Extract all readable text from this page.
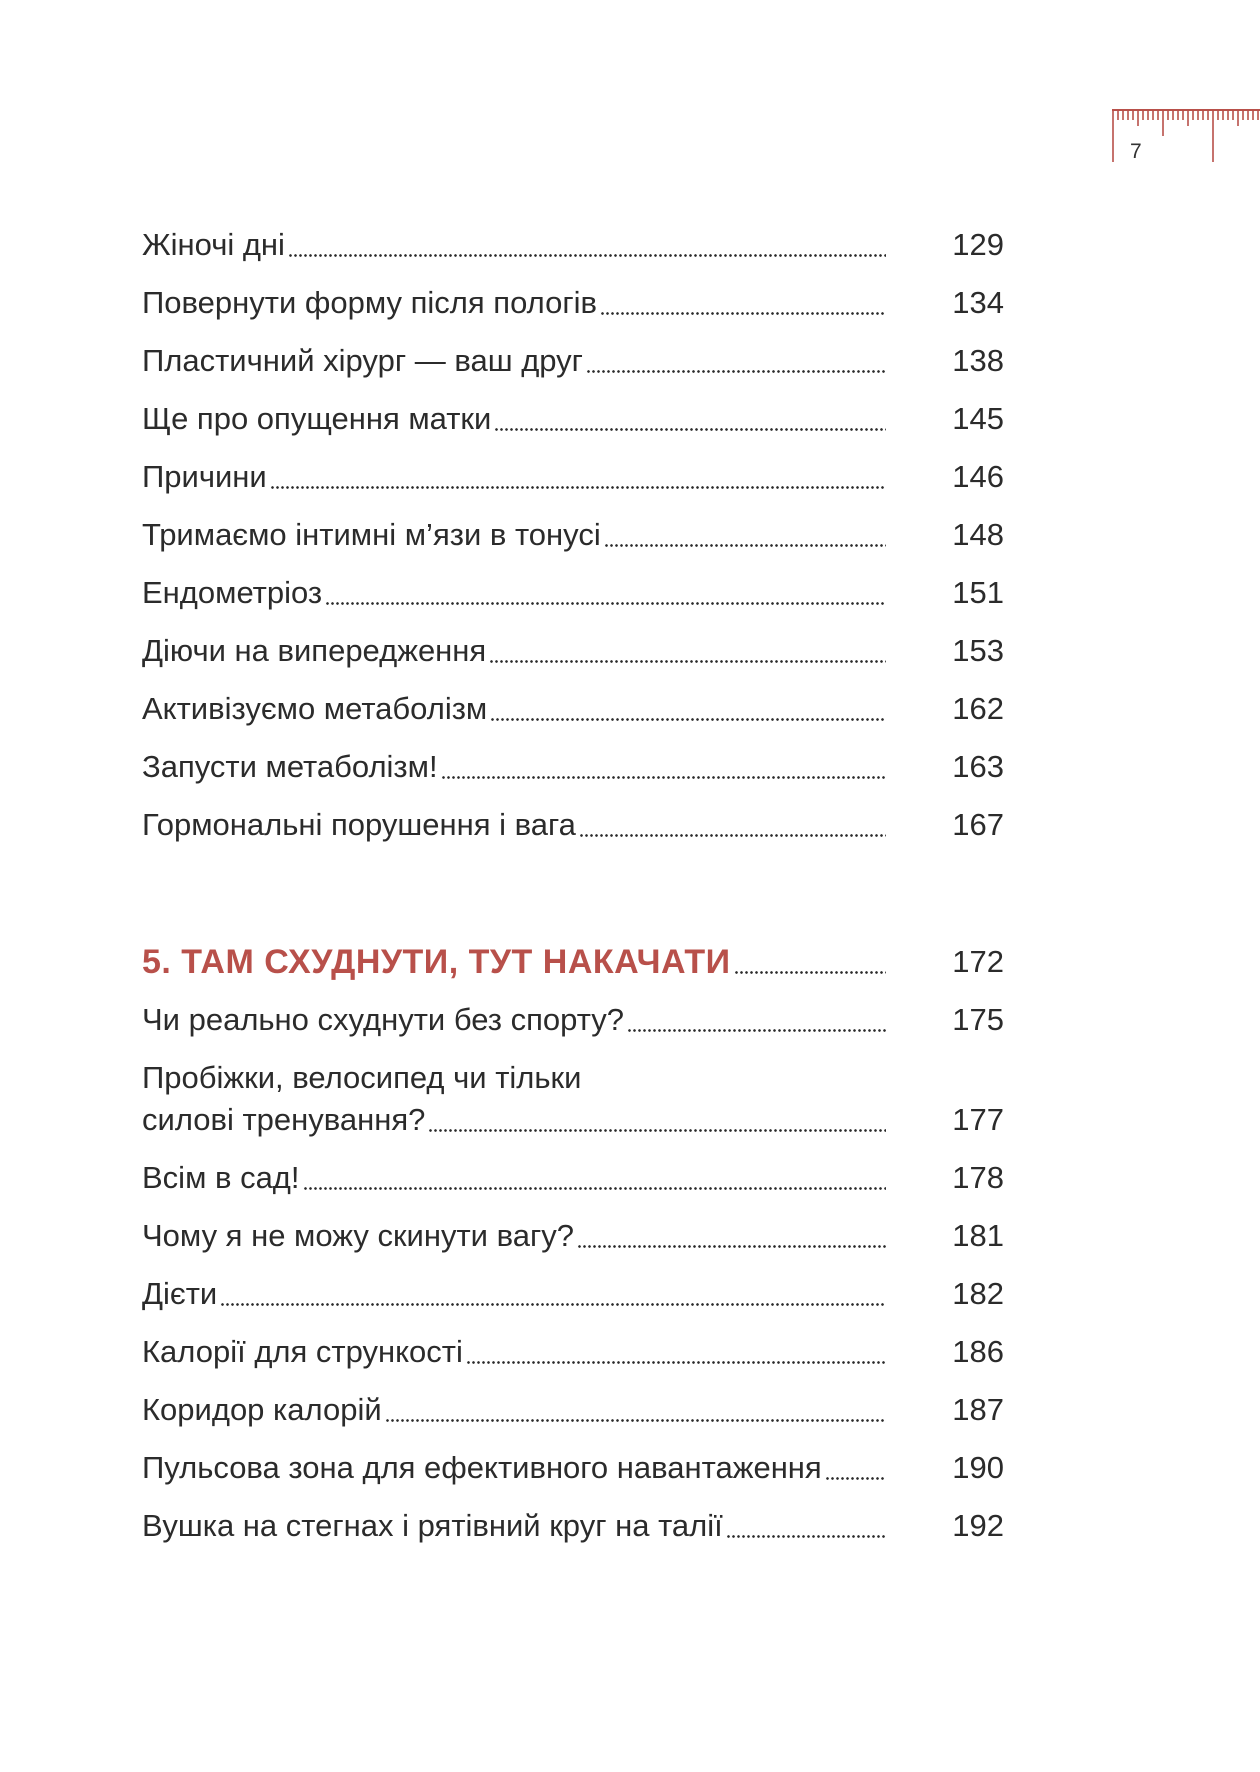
7
Жіночі дні	129
Повернути форму після пологів	134
Пластичний хірург — ваш друг	138
Ще про опущення матки	145
Причини	146
Тримаємо інтимні м’язи в тонусі	148
Ендометріоз	151
Діючи на випередження	153
Активізуємо метаболізм	162
Запусти метаболізм!	163
Гормональні порушення і вага	167
5. ТАМ СХУДНУТИ, ТУТ НАКАЧАТИ	172
Чи реально схуднути без спорту?	175
Пробіжки, велосипед чи тільки
силові тренування?	177
Всім в сад!	178
Чому я не можу скинути вагу?	181
Дієти	182
Калорії для стрункості	186
Коридор калорій	187
Пульсова зона для ефективного навантаження	190
Вушка на стегнах і рятівний круг на талії	192
